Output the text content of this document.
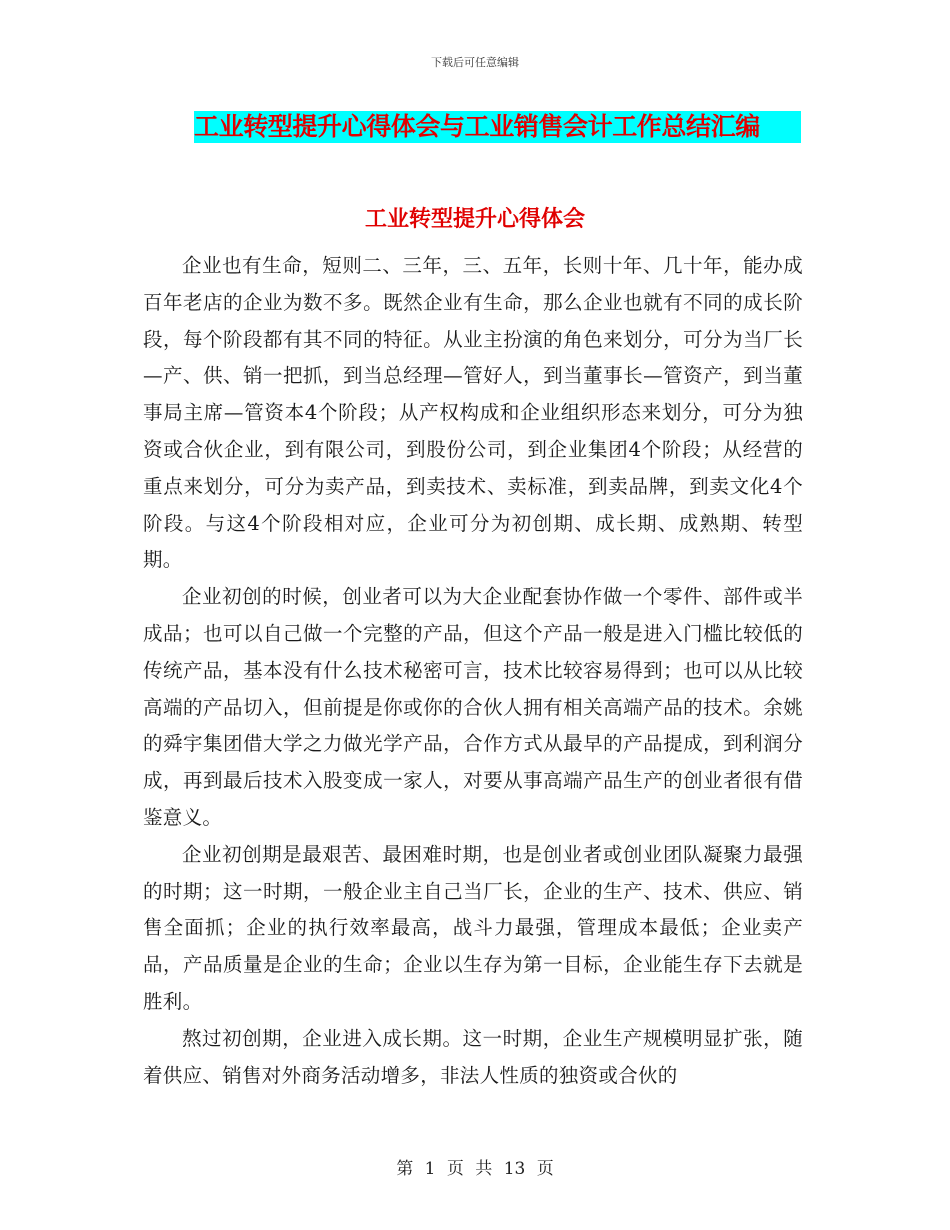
下载后可任意编辑
工业转型提升心得体会与工业销售会计工作总结汇编
工业转型提升心得体会

企业也有生命，短则二、三年，三、五年，长则十年、几十年，能办成百年老店的企业为数不多。既然企业有生命，那么企业也就有不同的成长阶段，每个阶段都有其不同的特征。从业主扮演的角色来划分，可分为当厂长—产、供、销一把抓，到当总经理—管好人，到当董事长—管资产，到当董事局主席—管资本4个阶段；从产权构成和企业组织形态来划分，可分为独资或合伙企业，到有限公司，到股份公司，到企业集团4个阶段；从经营的重点来划分，可分为卖产品，到卖技术、卖标准，到卖品牌，到卖文化4个阶段。与这4个阶段相对应，企业可分为初创期、成长期、成熟期、转型期。

企业初创的时候，创业者可以为大企业配套协作做一个零件、部件或半成品；也可以自己做一个完整的产品，但这个产品一般是进入门槛比较低的传统产品，基本没有什么技术秘密可言，技术比较容易得到；也可以从比较高端的产品切入，但前提是你或你的合伙人拥有相关高端产品的技术。余姚的舜宇集团借大学之力做光学产品，合作方式从最早的产品提成，到利润分成，再到最后技术入股变成一家人，对要从事高端产品生产的创业者很有借鉴意义。

企业初创期是最艰苦、最困难时期，也是创业者或创业团队凝聚力最强的时期；这一时期，一般企业主自己当厂长，企业的生产、技术、供应、销售全面抓；企业的执行效率最高，战斗力最强，管理成本最低；企业卖产品，产品质量是企业的生命；企业以生存为第一目标，企业能生存下去就是胜利。

熬过初创期，企业进入成长期。这一时期，企业生产规模明显扩张，随着供应、销售对外商务活动增多，非法人性质的独资或合伙的

第 1 页 共 13 页
